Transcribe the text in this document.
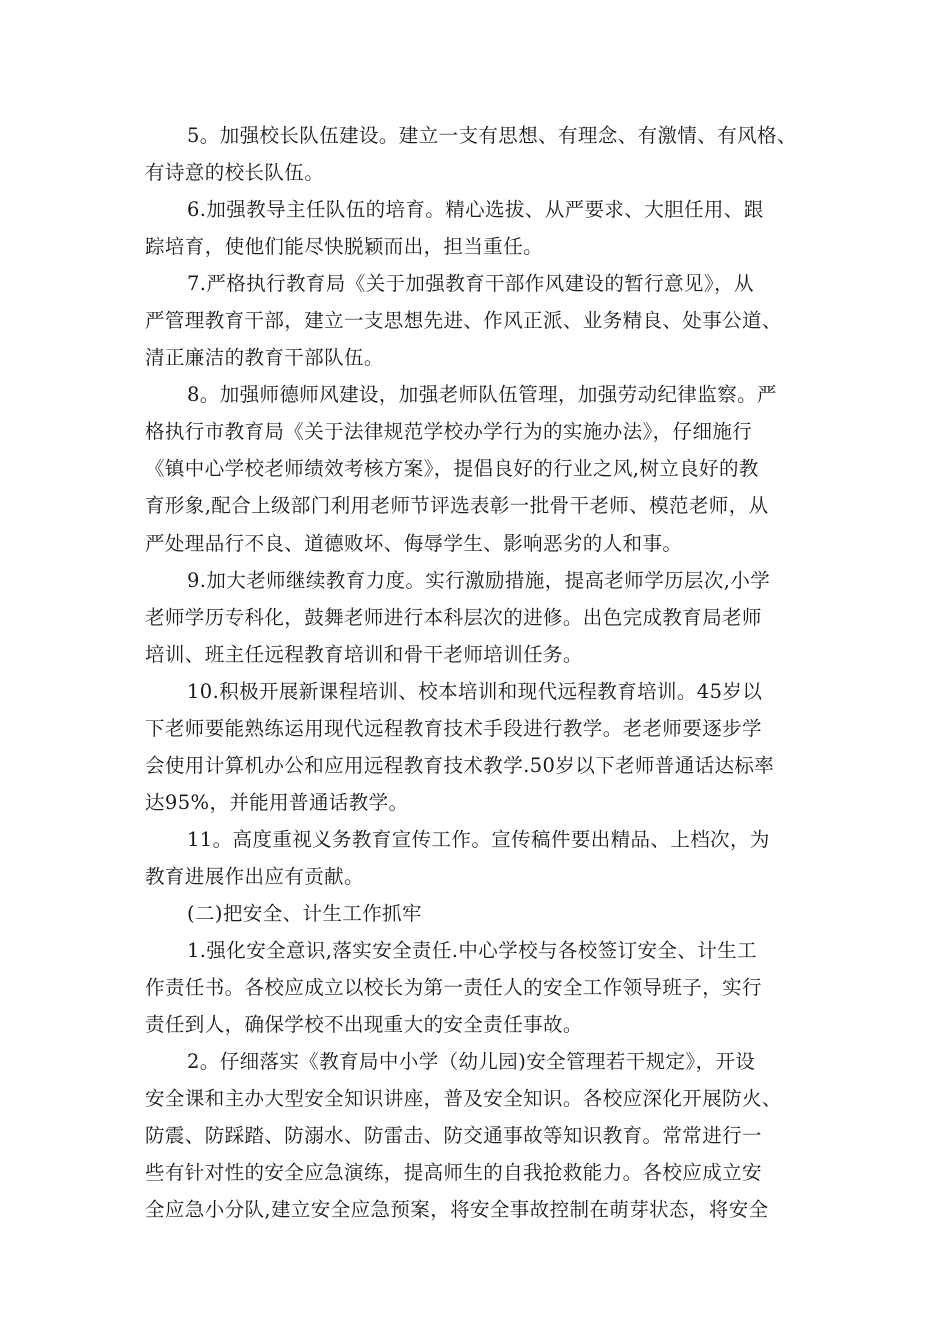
5。加强校长队伍建设。建立一支有思想、有理念、有激情、有风格、
有诗意的校长队伍。
6.加强教导主任队伍的培育。精心选拔、从严要求、大胆任用、跟
踪培育，使他们能尽快脱颖而出，担当重任。
7.严格执行教育局《关于加强教育干部作风建设的暂行意见》，从
严管理教育干部，建立一支思想先进、作风正派、业务精良、处事公道、
清正廉洁的教育干部队伍。
8。加强师德师风建设，加强老师队伍管理，加强劳动纪律监察。严
格执行市教育局《关于法律规范学校办学行为的实施办法》，仔细施行
《镇中心学校老师绩效考核方案》，提倡良好的行业之风,树立良好的教
育形象,配合上级部门利用老师节评选表彰一批骨干老师、模范老师，从
严处理品行不良、道德败坏、侮辱学生、影响恶劣的人和事。
9.加大老师继续教育力度。实行激励措施，提高老师学历层次,小学
老师学历专科化，鼓舞老师进行本科层次的进修。出色完成教育局老师
培训、班主任远程教育培训和骨干老师培训任务。
10.积极开展新课程培训、校本培训和现代远程教育培训。45岁以
下老师要能熟练运用现代远程教育技术手段进行教学。老老师要逐步学
会使用计算机办公和应用远程教育技术教学.50岁以下老师普通话达标率
达95%，并能用普通话教学。
11。高度重视义务教育宣传工作。宣传稿件要出精品、上档次，为
教育进展作出应有贡献。
(二)把安全、计生工作抓牢
1.强化安全意识,落实安全责任.中心学校与各校签订安全、计生工
作责任书。各校应成立以校长为第一责任人的安全工作领导班子，实行
责任到人，确保学校不出现重大的安全责任事故。
2。仔细落实《教育局中小学（幼儿园)安全管理若干规定》，开设
安全课和主办大型安全知识讲座，普及安全知识。各校应深化开展防火、
防震、防踩踏、防溺水、防雷击、防交通事故等知识教育。常常进行一
些有针对性的安全应急演练，提高师生的自我抢救能力。各校应成立安
全应急小分队,建立安全应急预案，将安全事故控制在萌芽状态，将安全
